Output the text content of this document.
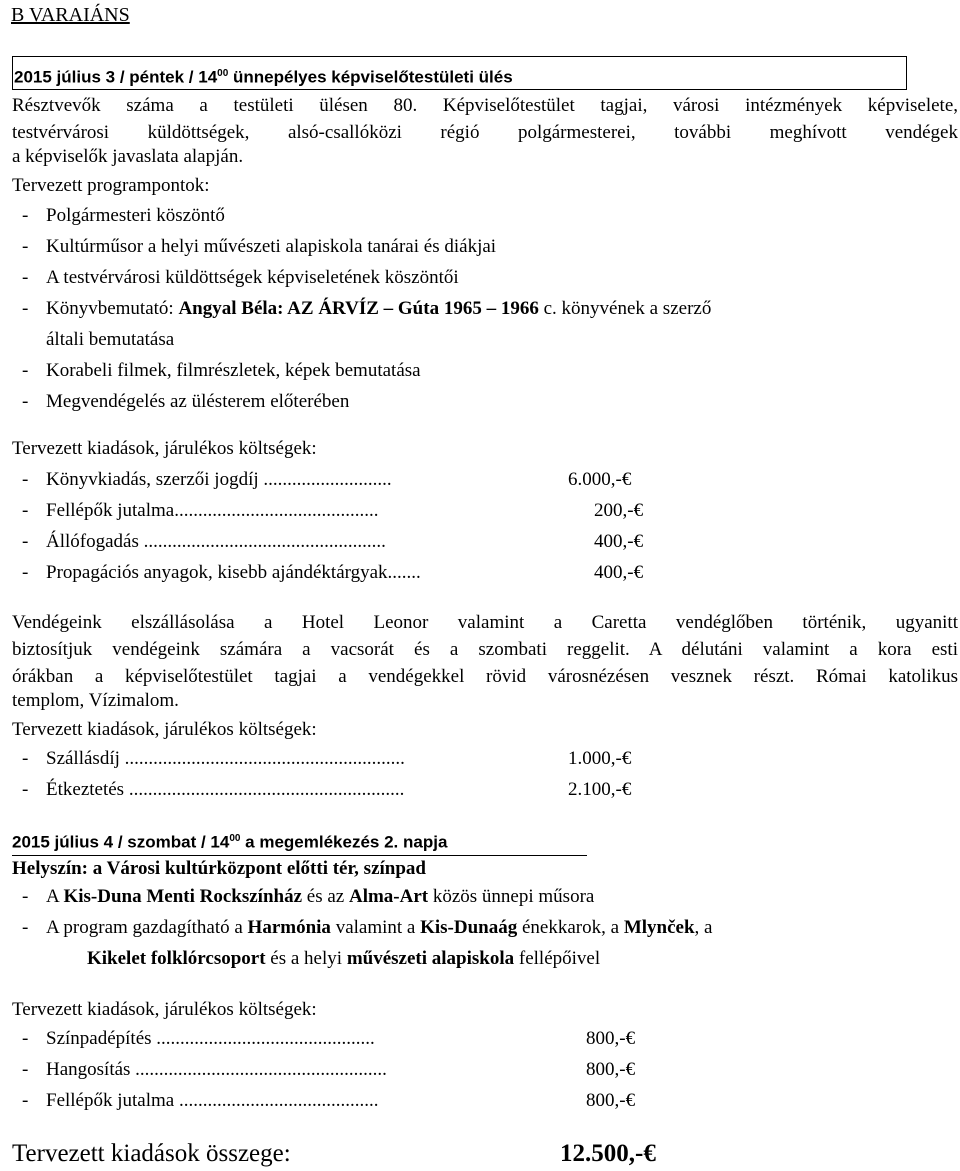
B VARAIÁNS
2015 július 3 / péntek / $14^{00}$ ünnepélyes képviselőtestületi ülés
Résztvevők száma a testületi ülésen 80. Képviselőtestület tagjai, városi intézmények képviselete,
testvérvárosi küldöttségek, alsó-csallóközi régió polgármesterei, további meghívott vendégek
a képviselők javaslata alapján.
Tervezett programpontok:
- Polgármesteri köszöntő
- Kultúrműsor a helyi művészeti alapiskola tanárai és diákjai
- A testvérvárosi küldöttségek képviseletének köszöntői
- Könyvbemutató: Angyal Béla: AZ ÁRVÍZ – Gúta 1965 – 1966 c. könyvének a szerző
általi bemutatása
- Korabeli filmek, filmrészletek, képek bemutatása
- Megvendégelés az ülésterem előterében
Tervezett kiadások, járulékos költségek:
- Könyvkiadás, szerzői jogdíj ...........................	6.000,-€
- Fellépők jutalma...........................................	200,-€
- Állófogadás ...................................................	400,-€
- Propagációs anyagok, kisebb ajándéktárgyak.......	400,-€
Vendégeink elszállásolása a Hotel Leonor valamint a Caretta vendéglőben történik, ugyanitt
biztosítjuk vendégeink számára a vacsorát és a szombati reggelit. A délutáni valamint a kora esti
órákban a képviselőtestület tagjai a vendégekkel rövid városnézésen vesznek részt. Római katolikus
templom, Vízimalom.
Tervezett kiadások, járulékos költségek:
- Szállásdíj ...........................................................	1.000,-€
- Étkeztetés ..........................................................	2.100,-€
2015 július 4 / szombat / $14^{00}$ a megemlékezés 2. napja
Helyszín: a Városi kultúrközpont előtti tér, színpad
- A Kis-Duna Menti Rockszínház és az Alma-Art közös ünnepi műsora
- A program gazdagítható a Harmónia valamint a Kis-Dunaág énekkarok, a Mlynček, a
Kikelet folklórcsoport és a helyi művészeti alapiskola fellépőivel
Tervezett kiadások, járulékos költségek:
- Színpadépítés ..............................................	800,-€
- Hangosítás .....................................................	800,-€
- Fellépők jutalma ..........................................	800,-€
Tervezett kiadások összege:	12.500,-€
